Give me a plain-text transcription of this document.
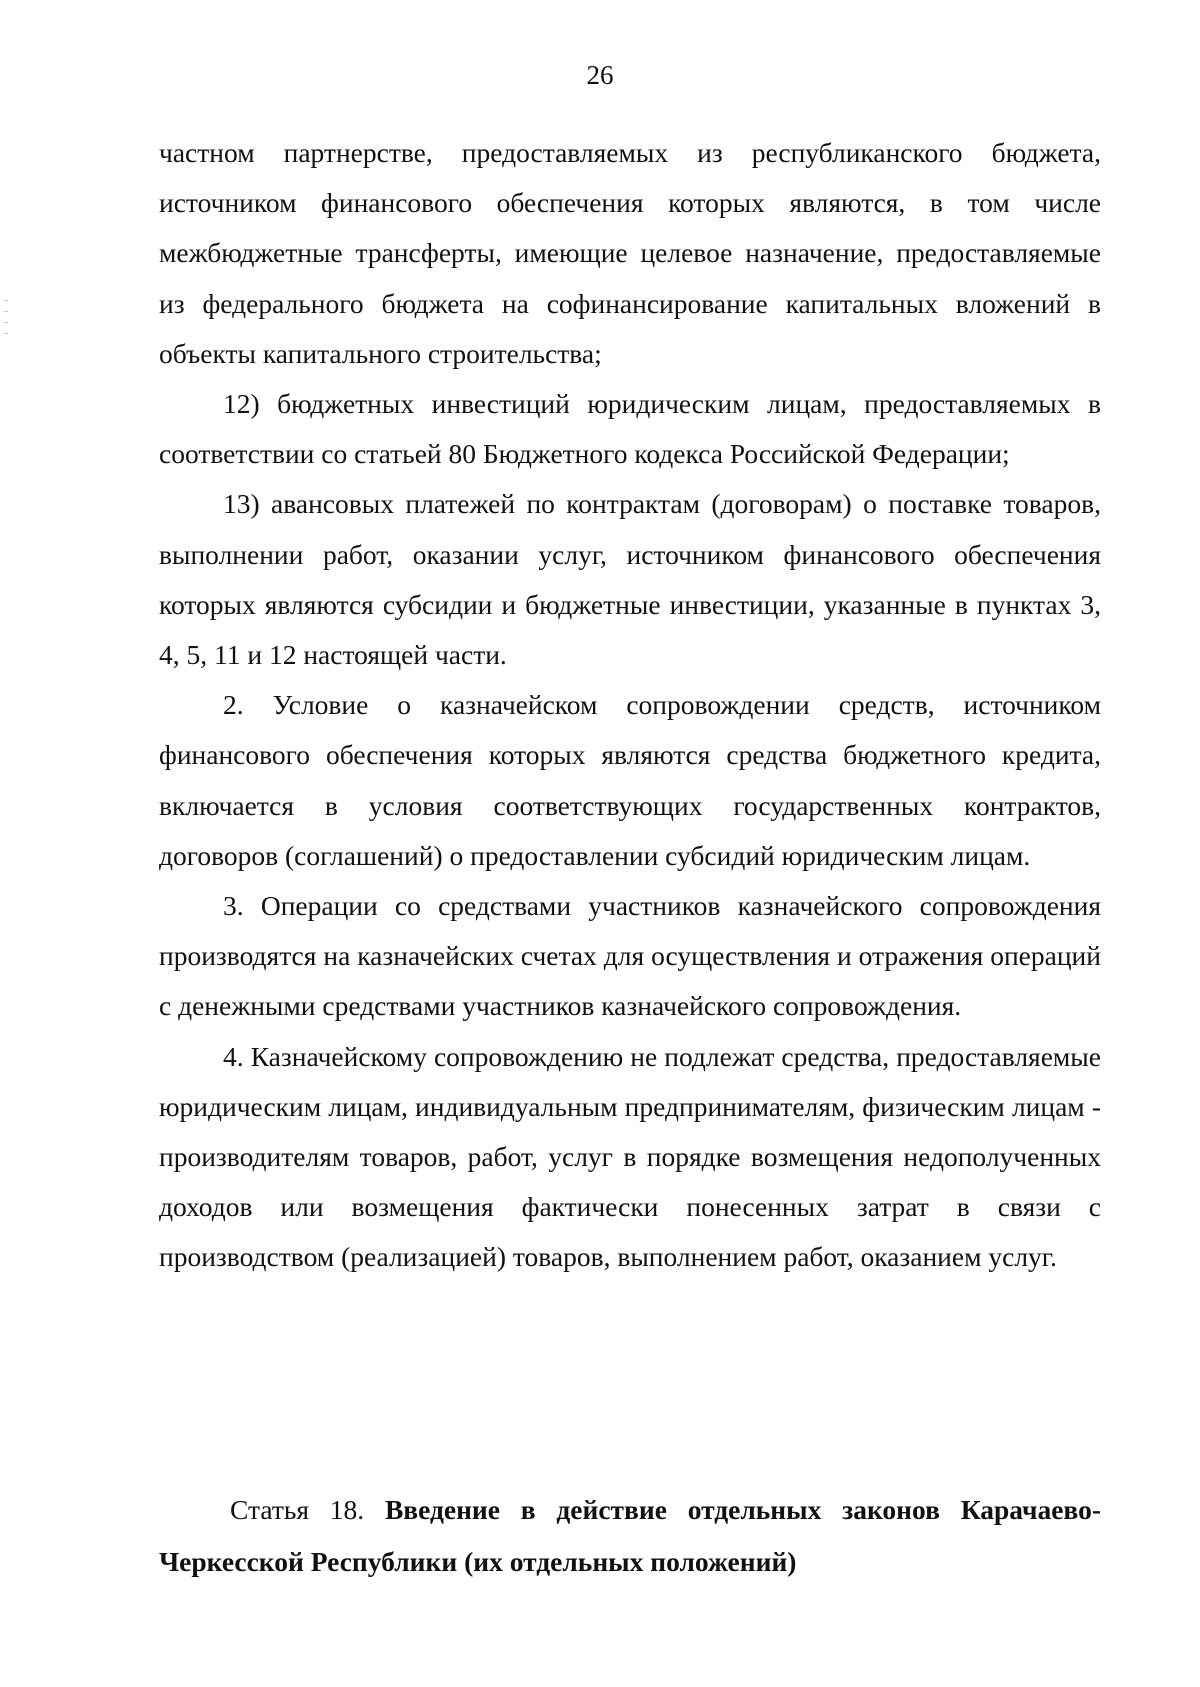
26

частном партнерстве, предоставляемых из республиканского бюджета, источником финансового обеспечения которых являются, в том числе межбюджетные трансферты, имеющие целевое назначение, предоставляемые из федерального бюджета на софинансирование капитальных вложений в объекты капитального строительства;

12) бюджетных инвестиций юридическим лицам, предоставляемых в соответствии со статьей 80 Бюджетного кодекса Российской Федерации;

13) авансовых платежей по контрактам (договорам) о поставке товаров, выполнении работ, оказании услуг, источником финансового обеспечения которых являются субсидии и бюджетные инвестиции, указанные в пунктах 3, 4, 5, 11 и 12 настоящей части.

2. Условие о казначейском сопровождении средств, источником финансового обеспечения которых являются средства бюджетного кредита, включается в условия соответствующих государственных контрактов, договоров (соглашений) о предоставлении субсидий юридическим лицам.

3. Операции со средствами участников казначейского сопровождения производятся на казначейских счетах для осуществления и отражения операций с денежными средствами участников казначейского сопровождения.

4. Казначейскому сопровождению не подлежат средства, предоставляемые юридическим лицам, индивидуальным предпринимателям, физическим лицам - производителям товаров, работ, услуг в порядке возмещения недополученных доходов или возмещения фактически понесенных затрат в связи с производством (реализацией) товаров, выполнением работ, оказанием услуг.

Статья 18. Введение в действие отдельных законов Карачаево-Черкесской Республики (их отдельных положений)
